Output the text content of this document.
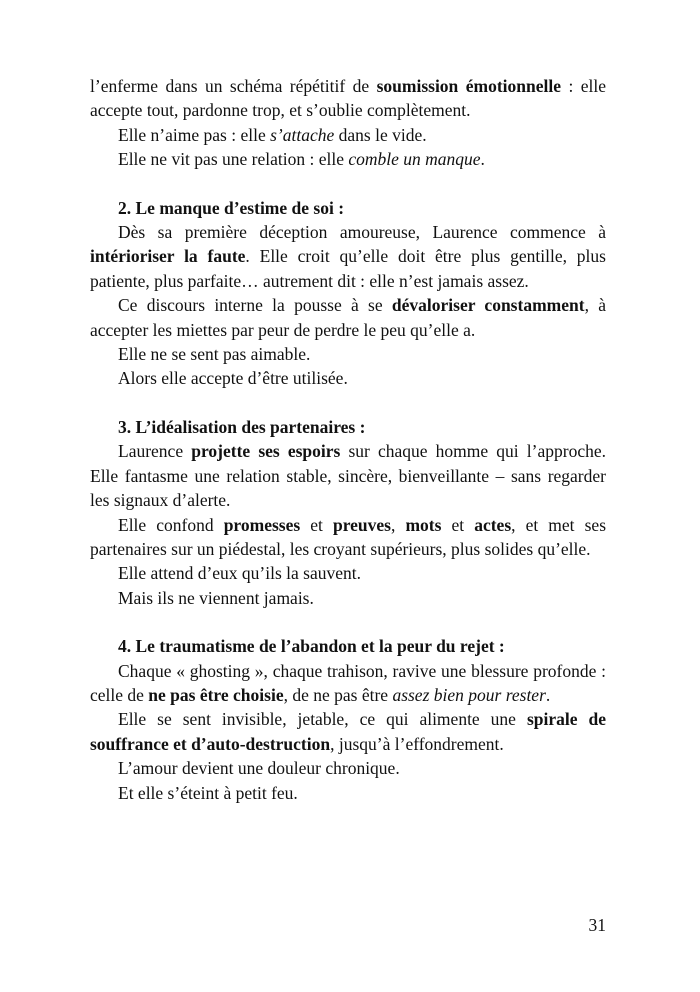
l’enferme dans un schéma répétitif de soumission émotionnelle : elle accepte tout, pardonne trop, et s’oublie complètement.

Elle n’aime pas : elle s’attache dans le vide.

Elle ne vit pas une relation : elle comble un manque.

2. Le manque d’estime de soi :

Dès sa première déception amoureuse, Laurence commence à intérioriser la faute. Elle croit qu’elle doit être plus gentille, plus patiente, plus parfaite… autrement dit : elle n’est jamais assez.

Ce discours interne la pousse à se dévaloriser constamment, à accepter les miettes par peur de perdre le peu qu’elle a.

Elle ne se sent pas aimable.

Alors elle accepte d’être utilisée.

3. L’idéalisation des partenaires :

Laurence projette ses espoirs sur chaque homme qui l’approche. Elle fantasme une relation stable, sincère, bienveillante – sans regarder les signaux d’alerte.

Elle confond promesses et preuves, mots et actes, et met ses partenaires sur un piédestal, les croyant supérieurs, plus solides qu’elle.

Elle attend d’eux qu’ils la sauvent.

Mais ils ne viennent jamais.

4. Le traumatisme de l’abandon et la peur du rejet :

Chaque « ghosting », chaque trahison, ravive une blessure profonde : celle de ne pas être choisie, de ne pas être assez bien pour rester.

Elle se sent invisible, jetable, ce qui alimente une spirale de souffrance et d’auto-destruction, jusqu’à l’effondrement.

L’amour devient une douleur chronique.

Et elle s’éteint à petit feu.

31
